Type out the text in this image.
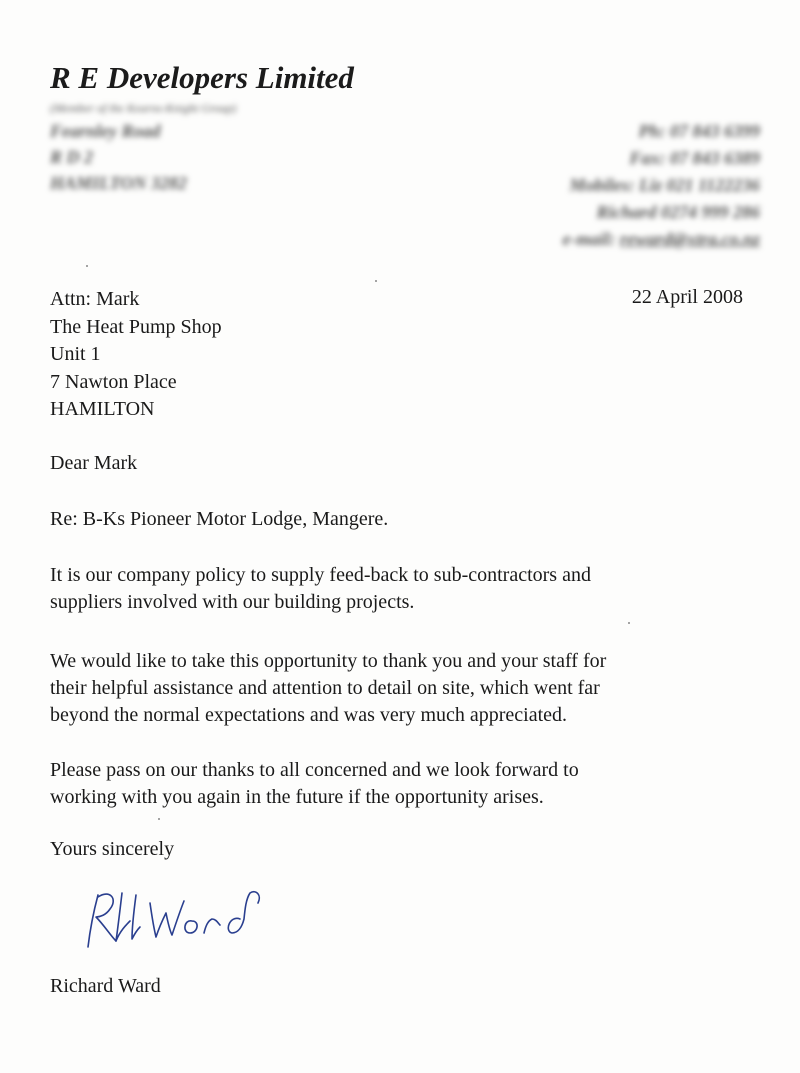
R E Developers Limited
(Member of the Kearns-Knight Group)
Fearnley Road
R D 2
HAMILTON 3282
Ph: 07 843 6399
Fax: 07 843 6389
Mobiles: Liz 021 1122236
Richard 0274 999 286
e-mail: reward@xtra.co.nz
22 April 2008
Attn: Mark
The Heat Pump Shop
Unit 1
7 Nawton Place
HAMILTON
Dear Mark
Re: B-Ks Pioneer Motor Lodge, Mangere.
It is our company policy to supply feed-back to sub-contractors and
suppliers involved with our building projects.
We would like to take this opportunity to thank you and your staff for
their helpful assistance and attention to detail on site, which went far
beyond the normal expectations and was very much appreciated.
Please pass on our thanks to all concerned and we look forward to
working with you again in the future if the opportunity arises.
Yours sincerely
Richard Ward
